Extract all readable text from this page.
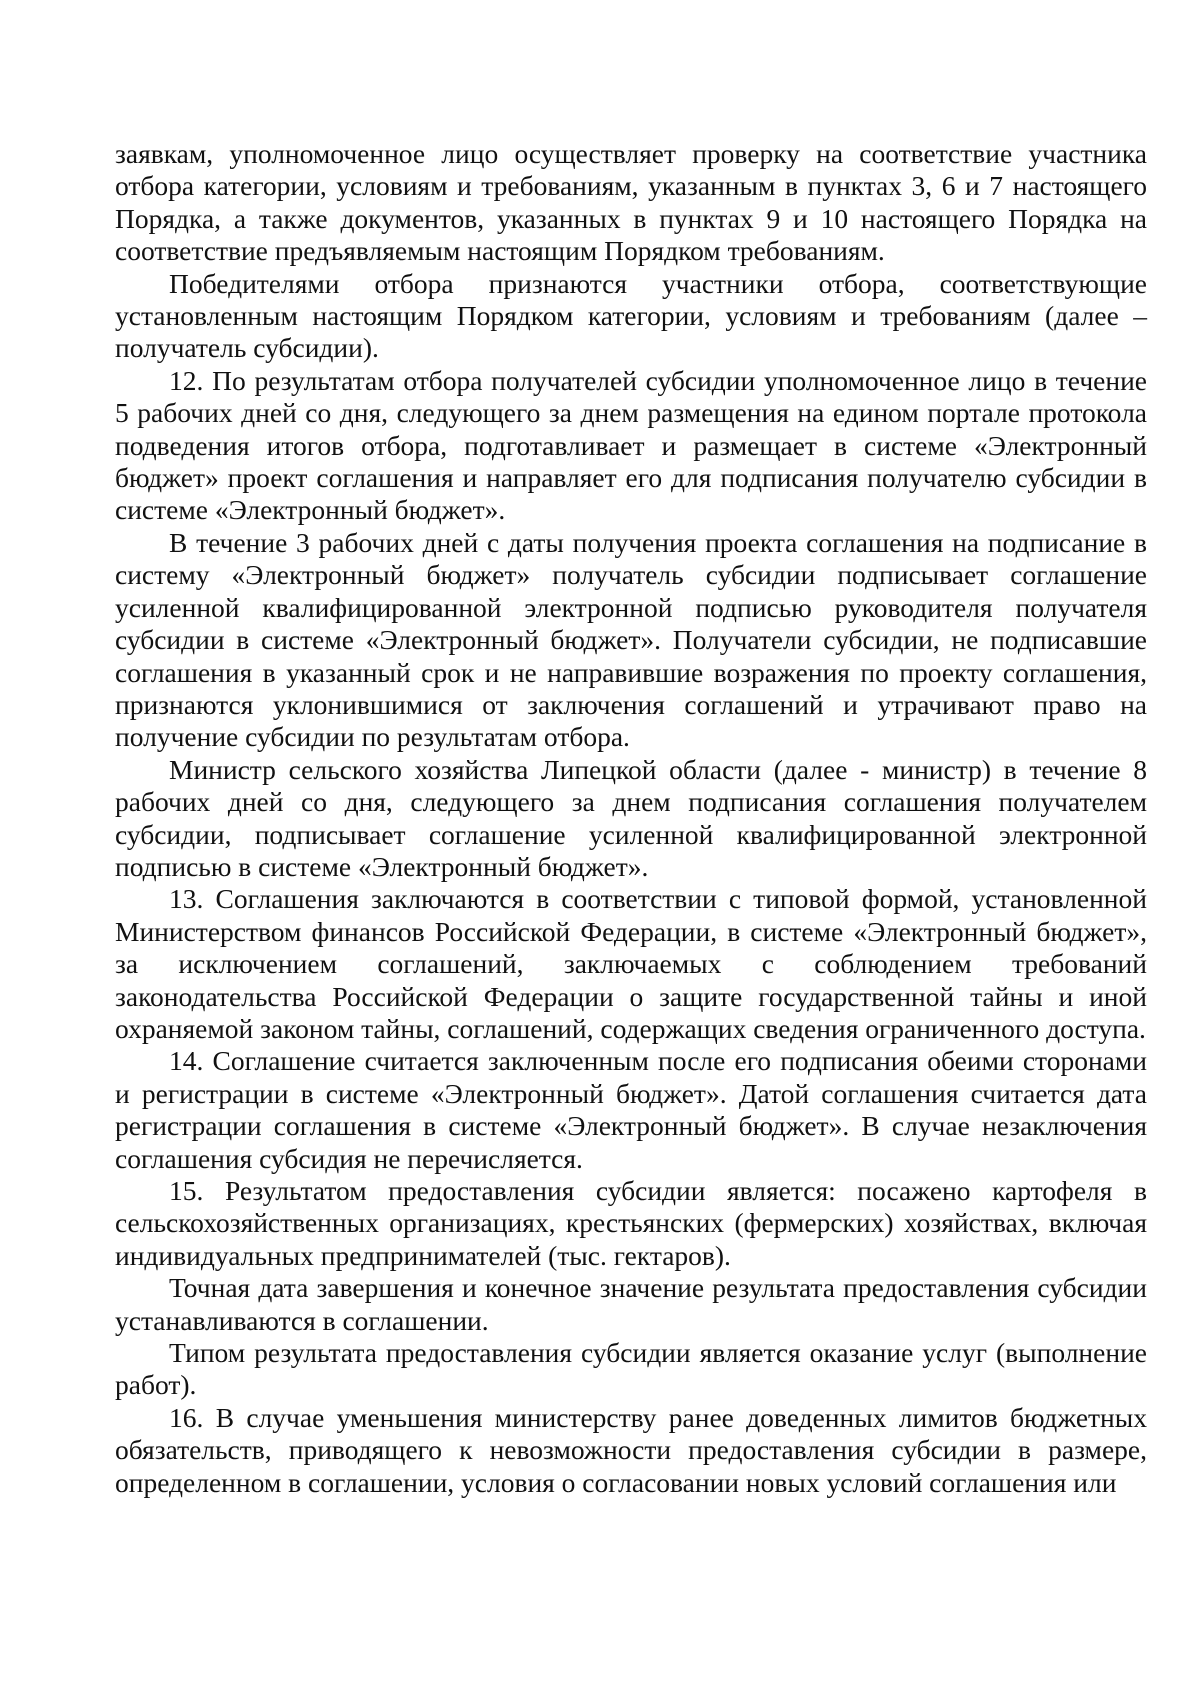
заявкам, уполномоченное лицо осуществляет проверку на соответствие участника отбора категории, условиям и требованиям, указанным в пунктах 3, 6 и 7 настоящего Порядка, а также документов, указанных в пунктах 9 и 10 настоящего Порядка на соответствие предъявляемым настоящим Порядком требованиям.

Победителями отбора признаются участники отбора, соответствующие установленным настоящим Порядком категории, условиям и требованиям (далее – получатель субсидии).

12. По результатам отбора получателей субсидии уполномоченное лицо в течение 5 рабочих дней со дня, следующего за днем размещения на едином портале протокола подведения итогов отбора, подготавливает и размещает в системе «Электронный бюджет» проект соглашения и направляет его для подписания получателю субсидии в системе «Электронный бюджет».

В течение 3 рабочих дней с даты получения проекта соглашения на подписание в систему «Электронный бюджет» получатель субсидии подписывает соглашение усиленной квалифицированной электронной подписью руководителя получателя субсидии в системе «Электронный бюджет». Получатели субсидии, не подписавшие соглашения в указанный срок и не направившие возражения по проекту соглашения, признаются уклонившимися от заключения соглашений и утрачивают право на получение субсидии по результатам отбора.

Министр сельского хозяйства Липецкой области (далее - министр) в течение 8 рабочих дней со дня, следующего за днем подписания соглашения получателем субсидии, подписывает соглашение усиленной квалифицированной электронной подписью в системе «Электронный бюджет».

13. Соглашения заключаются в соответствии с типовой формой, установленной Министерством финансов Российской Федерации, в системе «Электронный бюджет», за исключением соглашений, заключаемых с соблюдением требований законодательства Российской Федерации о защите государственной тайны и иной охраняемой законом тайны, соглашений, содержащих сведения ограниченного доступа.

14. Соглашение считается заключенным после его подписания обеими сторонами и регистрации в системе «Электронный бюджет». Датой соглашения считается дата регистрации соглашения в системе «Электронный бюджет». В случае незаключения соглашения субсидия не перечисляется.

15. Результатом предоставления субсидии является: посажено картофеля в сельскохозяйственных организациях, крестьянских (фермерских) хозяйствах, включая индивидуальных предпринимателей (тыс. гектаров).

Точная дата завершения и конечное значение результата предоставления субсидии устанавливаются в соглашении.

Типом результата предоставления субсидии является оказание услуг (выполнение работ).

16. В случае уменьшения министерству ранее доведенных лимитов бюджетных обязательств, приводящего к невозможности предоставления субсидии в размере, определенном в соглашении, условия о согласовании новых условий соглашения или
